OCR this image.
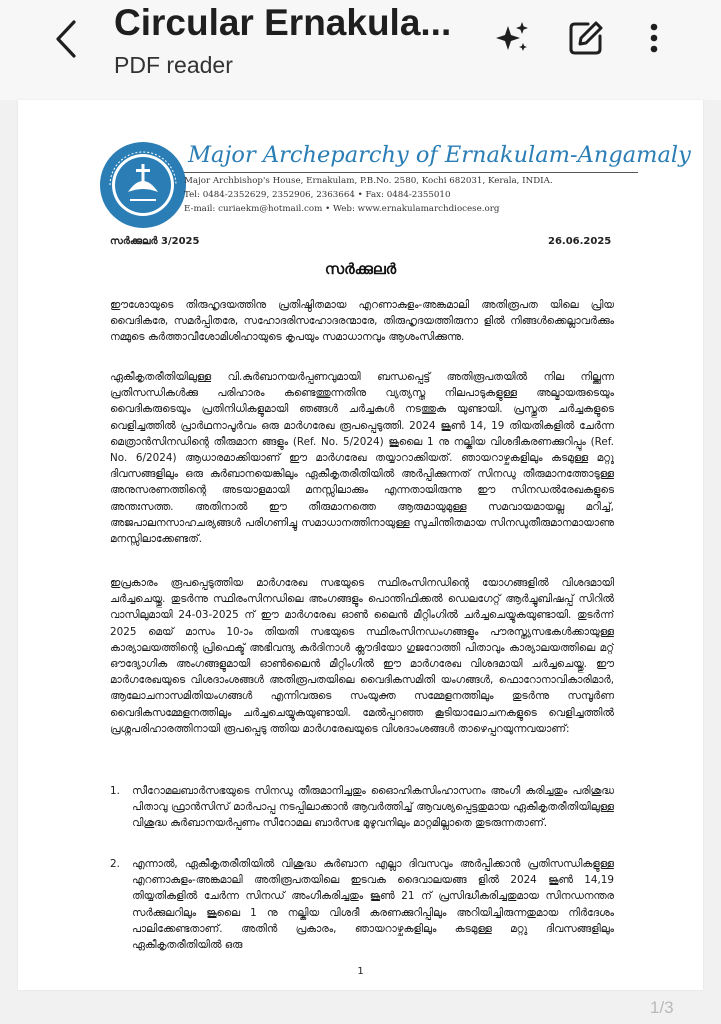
Circular Ernakula...
PDF reader
Major Archeparchy of Ernakulam-Angamaly
Major Archbishop's House, Ernakulam, P.B.No. 2580, Kochi 682031, Kerala, INDIA.
Tel: 0484-2352629, 2352906, 2363664 • Fax: 0484-2355010
E-mail: curiaekm@hotmail.com • Web: www.ernakulamarchdiocese.org
സർക്കുലർ 3/2025	26.06.2025
സർക്കുലർ
ഈശോയുടെ തിരുഹൃദയത്തിനു പ്രതിഷ്ഠിതമായ എറണാകുളം-അങ്കമാലി അതിരൂപത യിലെ പ്രിയ വൈദികരേ, സമർപ്പിതരേ, സഹോദരിസഹോദരന്മാരേ, തിരുഹൃദയത്തിരുനാ ളിൽ നിങ്ങൾക്കെല്ലാവർക്കും നമ്മുടെ കർത്താവീശോമിശിഹായുടെ കൃപയും സമാധാനവും ആശംസിക്കുന്നു.
ഏകീകൃതരീതിയിലുള്ള വി.കുർബാനയർപ്പണവുമായി ബന്ധപ്പെട്ട് അതിരൂപതയിൽ നില നില്ക്കുന്ന പ്രതിസന്ധികൾക്കു പരിഹാരം കണ്ടെത്തുന്നതിനു വ്യത്യസ്ത നിലപാടുകളുള്ള അല്മായരുടെയും വൈദികരുടെയും പ്രതിനിധികളുമായി ഞങ്ങൾ ചർച്ചകൾ നടത്തുക യുണ്ടായി. പ്രസ്തുത ചർച്ചകളുടെ വെളിച്ചത്തിൽ പ്രാർഥനാപൂർവം ഒരു മാർഗരേഖ രൂപപ്പെടുത്തി. 2024 ജൂൺ 14, 19 തിയതികളിൽ ചേർന്ന മെത്രാൻസിനഡിന്റെ തീരുമാന ങ്ങളും (Ref. No. 5/2024) ജൂലൈ 1 നു നല്കിയ വിശദീകരണക്കുറിപ്പും (Ref. No. 6/2024) ആധാരമാക്കിയാണ് ഈ മാർഗരേഖ തയ്യാറാക്കിയത്. ഞായറാഴ്ചകളിലും കടമുള്ള മറ്റു ദിവസങ്ങളിലും ഒരു കുർബാനയെങ്കിലും ഏകീകൃതരീതിയിൽ അർപ്പിക്കുന്നത് സിനഡു തീരുമാനത്തോടുള്ള അനുസരണത്തിന്റെ അടയാളമായി മനസ്സിലാക്കും എന്നതായിരുന്നു ഈ സിനഡൽരേഖകളുടെ അന്തഃസത്ത. അതിനാൽ ഈ തീരുമാനത്തെ ആരുമായുമുള്ള സമവായമായല്ല മറിച്ച്, അജപാലനസാഹചര്യങ്ങൾ പരിഗണിച്ചു സമാധാനത്തിനായുള്ള സുചിന്തിതമായ സിനഡുതീരുമാനമായാണു മനസ്സിലാക്കേണ്ടത്.
ഇപ്രകാരം രൂപപ്പെടുത്തിയ മാർഗരേഖ സഭയുടെ സ്ഥിരംസിനഡിന്റെ യോഗങ്ങളിൽ വിശദമായി ചർച്ചചെയ്തു. തുടർന്നു സ്ഥിരംസിനഡിലെ അംഗങ്ങളും പൊന്തിഫിക്കൽ ഡെലഗേറ്റ് ആർച്ചുബിഷപ്പ് സിറിൽ വാസിലുമായി 24-03-2025 ന് ഈ മാർഗരേഖ ഓൺ ലൈൻ മീറ്റിംഗിൽ ചർച്ചചെയ്യുകയുണ്ടായി. തുടർന്ന് 2025 മെയ് മാസം 10-ാം തിയതി സഭയുടെ സ്ഥിരംസിനഡംഗങ്ങളും പൗരസ്ത്യസഭകൾക്കായുള്ള കാര്യാലയത്തിന്റെ പ്രിഫെക്ട് അഭിവന്ദ്യ കർദിനാൾ ക്ലൗദിയോ ഗുജറോത്തി പിതാവും കാര്യാലയത്തിലെ മറ്റ് ഔദ്യോഗിക അംഗങ്ങളുമായി ഓൺലൈൻ മീറ്റിംഗിൽ ഈ മാർഗരേഖ വിശദമായി ചർച്ചചെയ്തു. ഈ മാർഗരേഖയുടെ വിശദാംശങ്ങൾ അതിരൂപതയിലെ വൈദികസമിതി യംഗങ്ങൾ, ഫൊറോനാവികാരിമാർ, ആലോചനാസമിതിയംഗങ്ങൾ എന്നിവരുടെ സംയുക്ത സമ്മേളനത്തിലും തുടർന്നു സമ്പൂർണ വൈദികസമ്മേളനത്തിലും ചർച്ചചെയ്യുകയുണ്ടായി. മേൽപ്പറഞ്ഞ കൂടിയാലോചനകളുടെ വെളിച്ചത്തിൽ പ്രശ്നപരിഹാരത്തിനായി രൂപപ്പെടു ത്തിയ മാർഗരേഖയുടെ വിശദാംശങ്ങൾ താഴെപ്പറയുന്നവയാണ്:
1. സീറോമലബാർസഭയുടെ സിനഡു തീരുമാനിച്ചതും ഓൈഹികസിംഹാസനം അംഗീ കരിച്ചതും പരിശുദ്ധ പിതാവു ഫ്രാൻസിസ് മാർപാപ്പ നടപ്പിലാക്കാൻ ആവർത്തിച്ച് ആവശ്യപ്പെട്ടതുമായ ഏകീകൃതരീതിയിലുള്ള വിശുദ്ധ കുർബാനയർപ്പണം സീറോമല ബാർസഭ മുഴുവനിലും മാറ്റമില്ലാതെ തുടരുന്നതാണ്.
2. എന്നാൽ, ഏകീകൃതരീതിയിൽ വിശുദ്ധ കുർബാന എല്ലാ ദിവസവും അർപ്പിക്കാൻ പ്രതിസന്ധികളുള്ള എറണാകുളം-അങ്കമാലി അതിരൂപതയിലെ ഇടവക ദൈവാലയങ്ങ ളിൽ 2024 ജൂൺ 14,19 തിയ്യതികളിൽ ചേർന്ന സിനഡ് അംഗീകരിച്ചതും ജൂൺ 21 ന് പ്രസിദ്ധീകരിച്ചതുമായ സിനഡനന്തര സർക്കുലറിലും ജൂലൈ 1 നു നല്കിയ വിശദീ കരണക്കുറിപ്പിലും അറിയിച്ചിരുന്നതുമായ നിർദേശം പാലിക്കേണ്ടതാണ്. അതിൻ പ്രകാരം, ഞായറാഴ്ചകളിലും കടമുള്ള മറ്റു ദിവസങ്ങളിലും ഏകീകൃതരീതിയിൽ ഒരു
1
1/3
